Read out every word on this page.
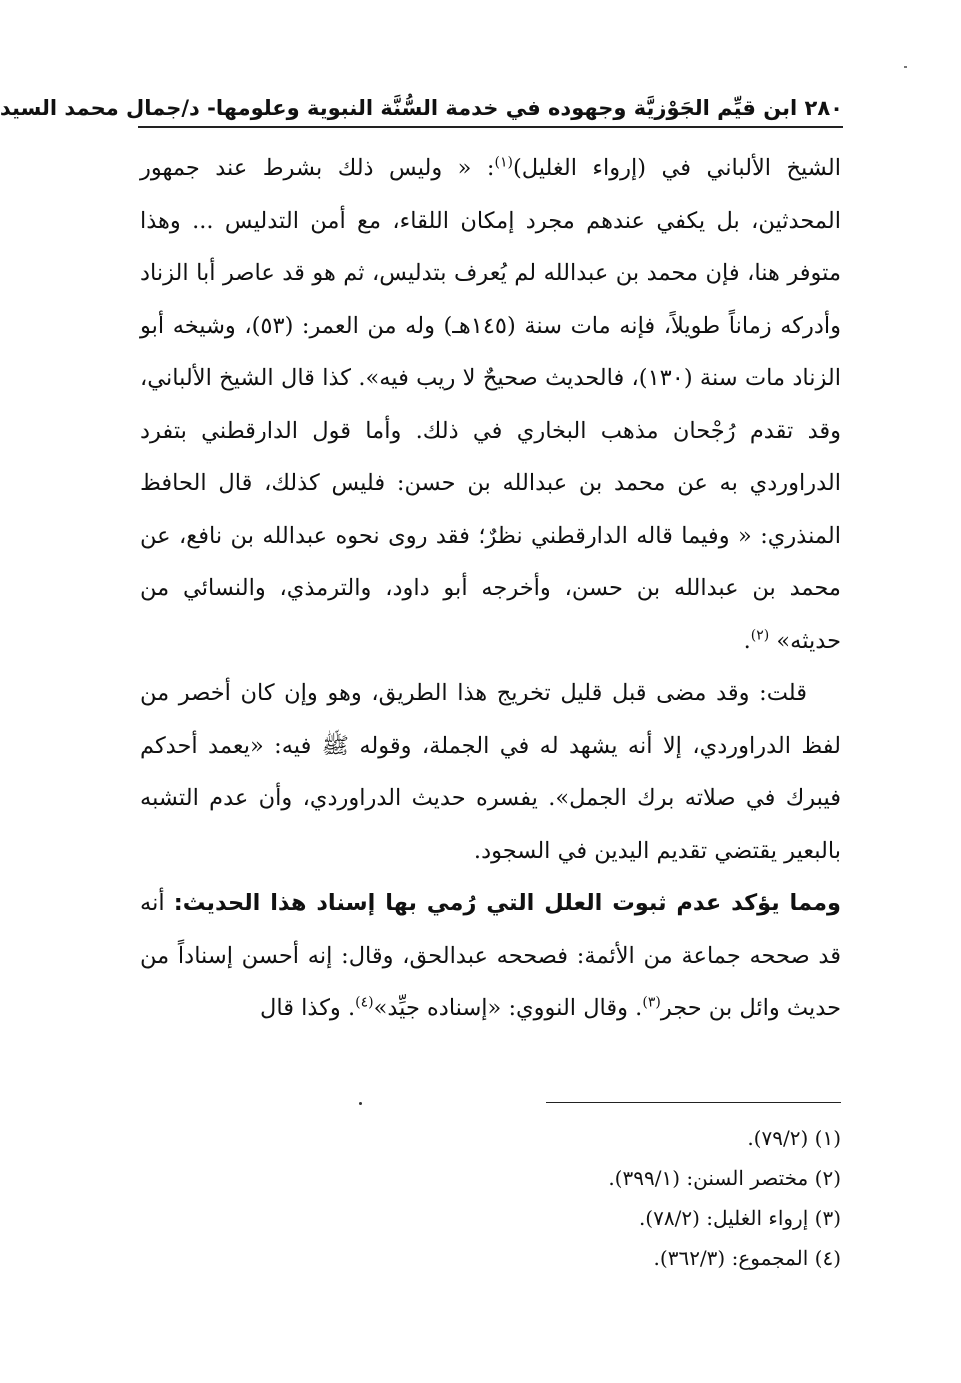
٢٨٠ ابن قيِّم الجَوْزيَّة وجهوده في خدمة السُّنَّة النبوية وعلومها- د/جمال محمد السيد

الشيخ الألباني في (إرواء الغليل)$^{(١)}$: « وليس ذلك بشرط عند جمهور المحدثين، بل يكفي عندهم مجرد إمكان اللقاء، مع أمن التدليس ... وهذا متوفر هنا، فإن محمد بن عبدالله لم يُعرف بتدليس، ثم هو قد عاصر أبا الزناد وأدركه زماناً طويلاً، فإنه مات سنة (١٤٥هـ) وله من العمر: (٥٣)، وشيخه أبو الزناد مات سنة (١٣٠)، فالحديث صحيحٌ لا ريب فيه». كذا قال الشيخ الألباني، وقد تقدم رُجْحان مذهب البخاري في ذلك. وأما قول الدارقطني بتفرد الدراوردي به عن محمد بن عبدالله بن حسن: فليس كذلك، قال الحافظ المنذري: « وفيما قاله الدارقطني نظرٌ؛ فقد روى نحوه عبدالله بن نافع، عن محمد بن عبدالله بن حسن، وأخرجه أبو داود، والترمذي، والنسائي من حديثه» $^{(٢)}$.

قلت: وقد مضى قبل قليل تخريج هذا الطريق، وهو وإن كان أخصر من لفظ الدراوردي، إلا أنه يشهد له في الجملة، وقوله ﷺ فيه: «يعمد أحدكم فيبرك في صلاته برك الجمل». يفسره حديث الدراوردي، وأن عدم التشبه بالبعير يقتضي تقديم اليدين في السجود.

ومما يؤكد عدم ثبوت العلل التي رُمي بها إسناد هذا الحديث: أنه قد صححه جماعة من الأئمة: فصححه عبدالحق، وقال: إنه أحسن إسناداً من حديث وائل بن حجر$^{(٣)}$. وقال النووي: «إسناده جيِّد»$^{(٤)}$. وكذا قال

(١) (٧٩/٢).

(٢) مختصر السنن: (٣٩٩/١).

(٣) إرواء الغليل: (٧٨/٢).

(٤) المجموع: (٣٦٢/٣).
